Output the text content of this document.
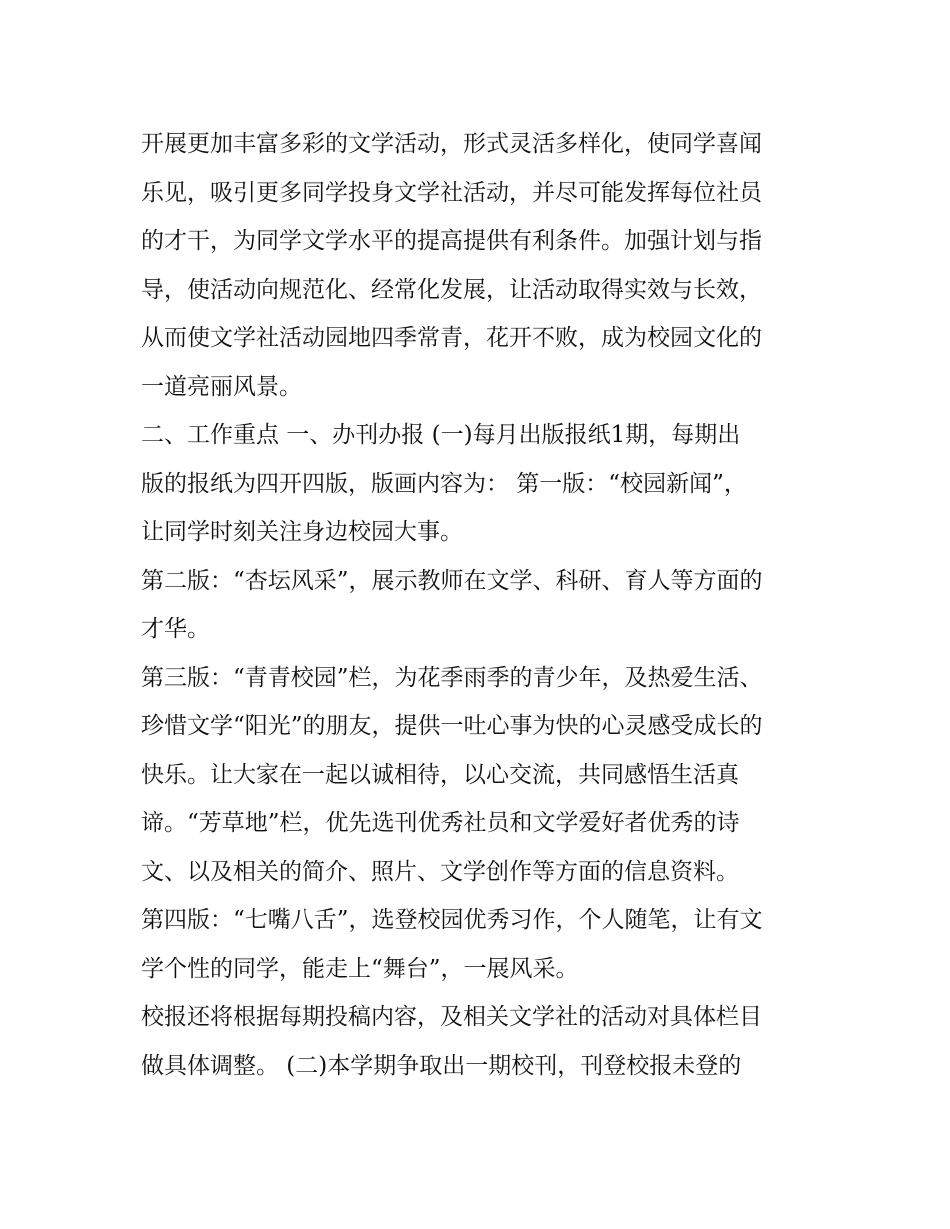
开展更加丰富多彩的文学活动，形式灵活多样化，使同学喜闻
乐见，吸引更多同学投身文学社活动，并尽可能发挥每位社员
的才干，为同学文学水平的提高提供有利条件。加强计划与指
导，使活动向规范化、经常化发展，让活动取得实效与长效，
从而使文学社活动园地四季常青，花开不败，成为校园文化的
一道亮丽风景。

二、工作重点 一、办刊办报 (一)每月出版报纸1期，每期出
版的报纸为四开四版，版画内容为： 第一版：“校园新闻”，
让同学时刻关注身边校园大事。

第二版：“杏坛风采”，展示教师在文学、科研、育人等方面的
才华。

第三版：“青青校园”栏，为花季雨季的青少年，及热爱生活、
珍惜文学“阳光”的朋友，提供一吐心事为快的心灵感受成长的
快乐。让大家在一起以诚相待，以心交流，共同感悟生活真
谛。“芳草地”栏，优先选刊优秀社员和文学爱好者优秀的诗
文、以及相关的简介、照片、文学创作等方面的信息资料。

第四版：“七嘴八舌”，选登校园优秀习作，个人随笔，让有文
学个性的同学，能走上“舞台”，一展风采。

校报还将根据每期投稿内容，及相关文学社的活动对具体栏目
做具体调整。 (二)本学期争取出一期校刊，刊登校报未登的
